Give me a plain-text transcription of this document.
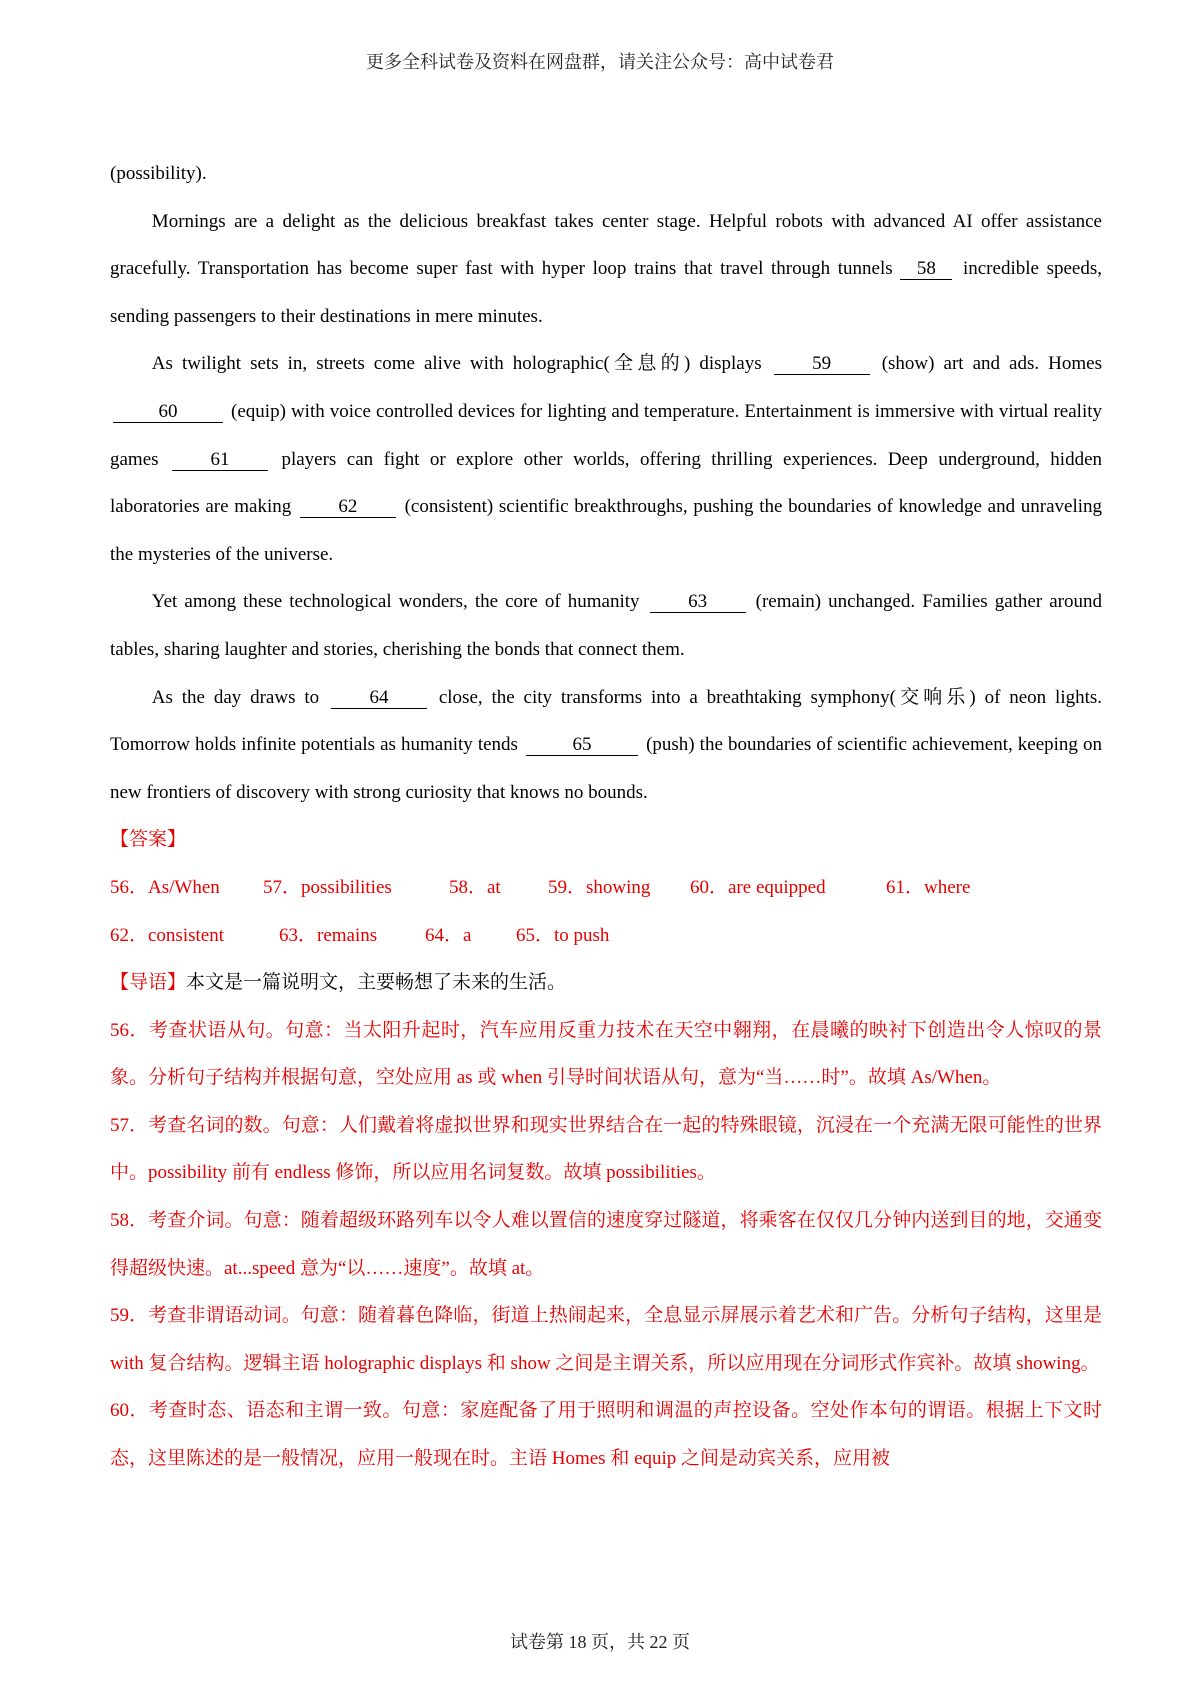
更多全科试卷及资料在网盘群，请关注公众号：高中试卷君

(possibility).

Mornings are a delight as the delicious breakfast takes center stage. Helpful robots with advanced AI offer assistance gracefully. Transportation has become super fast with hyper loop trains that travel through tunnels 58 incredible speeds, sending passengers to their destinations in mere minutes.

As twilight sets in, streets come alive with holographic(全息的) displays	59	(show) art and ads. Homes 60	(equip) with voice controlled devices for lighting and temperature. Entertainment is immersive with virtual reality games	61	players can fight or explore other worlds, offering thrilling experiences. Deep underground, hidden laboratories are making 62 (consistent) scientific breakthroughs, pushing the boundaries of knowledge and unraveling the mysteries of the universe.

Yet among these technological wonders, the core of humanity	63	(remain) unchanged. Families gather around tables, sharing laughter and stories, cherishing the bonds that connect them.

As the day draws to	64	close, the city transforms into a breathtaking symphony(交响乐) of neon lights. Tomorrow holds infinite potentials as humanity tends	65	(push) the boundaries of scientific achievement, keeping on new frontiers of discovery with strong curiosity that knows no bounds.

【答案】

56．As/When	57．possibilities	58．at	59．showing	60．are equipped	61．where
62．consistent	63．remains	64．a	65．to push

【导语】本文是一篇说明文，主要畅想了未来的生活。

56．考查状语从句。句意：当太阳升起时，汽车应用反重力技术在天空中翱翔，在晨曦的映衬下创造出令人惊叹的景象。分析句子结构并根据句意，空处应用 as 或 when 引导时间状语从句，意为“当……时”。故填 As/When。

57．考查名词的数。句意：人们戴着将虚拟世界和现实世界结合在一起的特殊眼镜，沉浸在一个充满无限可能性的世界中。possibility 前有 endless 修饰，所以应用名词复数。故填 possibilities。

58．考查介词。句意：随着超级环路列车以令人难以置信的速度穿过隧道，将乘客在仅仅几分钟内送到目的地，交通变得超级快速。at...speed 意为“以……速度”。故填 at。

59．考查非谓语动词。句意：随着暮色降临，街道上热闹起来，全息显示屏展示着艺术和广告。分析句子结构，这里是 with 复合结构。逻辑主语 holographic displays 和 show 之间是主谓关系，所以应用现在分词形式作宾补。故填 showing。

60．考查时态、语态和主谓一致。句意：家庭配备了用于照明和调温的声控设备。空处作本句的谓语。根据上下文时态，这里陈述的是一般情况，应用一般现在时。主语 Homes 和 equip 之间是动宾关系，应用被

试卷第 18 页，共 22 页
